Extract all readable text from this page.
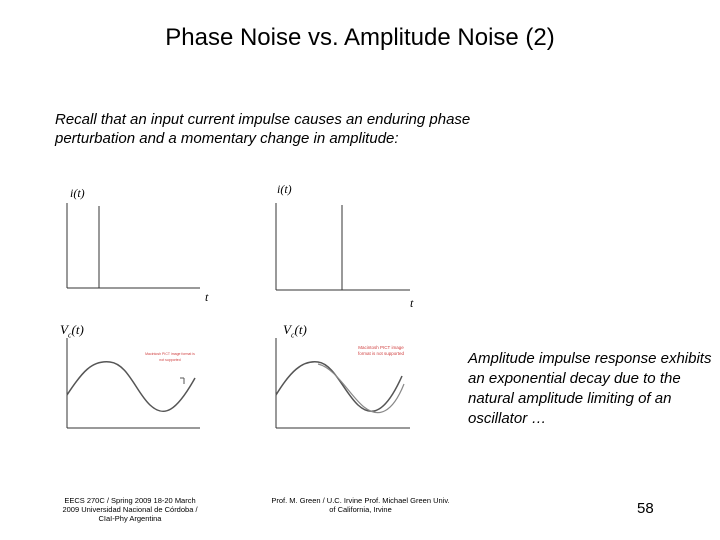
Phase Noise vs. Amplitude Noise (2)
Recall that an input current impulse causes an enduring phase perturbation and a momentary change in amplitude:
i(t)	i(t)
t	t
$V_c(t)$	$V_c(t)$
Macintosh PICT image format is not supported
Macintosh PICT image format is not supported	Amplitude impulse response exhibits an exponential decay due to the natural amplitude limiting of an oscillator …
EECS 270C / Spring 2009 18-20 March 2009 Universidad Nacional de Córdoba / CIaI-Phy Argentina
Prof. M. Green / U.C. Irvine Prof. Michael Green Univ. of California, Irvine	58
